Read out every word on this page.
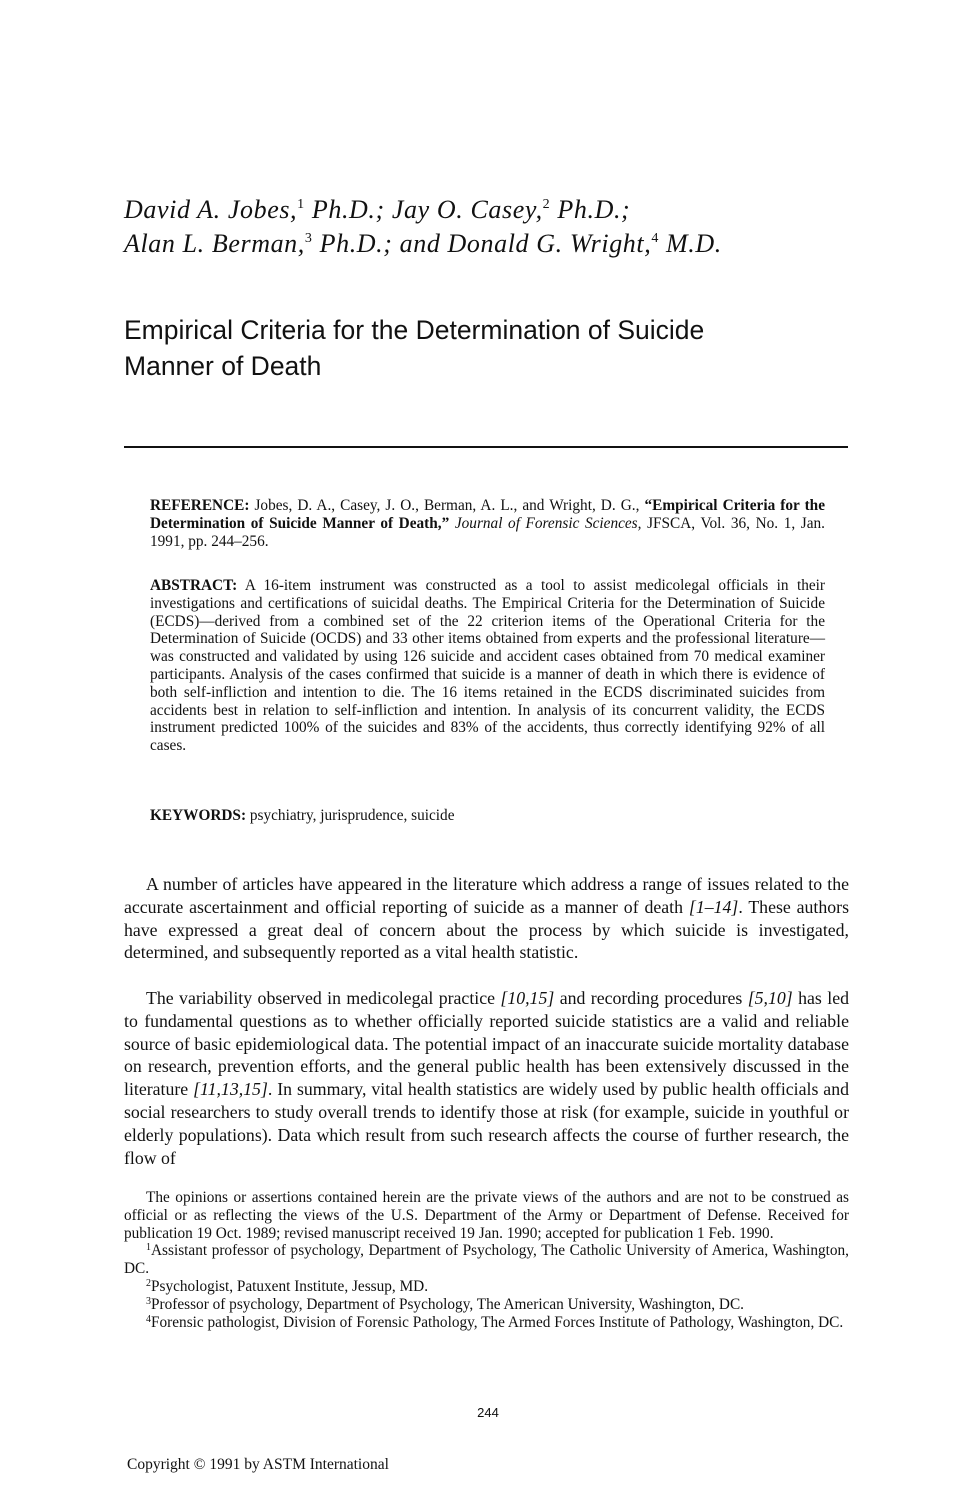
David A. Jobes,$^1$ Ph.D.; Jay O. Casey,$^2$ Ph.D.;
Alan L. Berman,$^3$ Ph.D.; and Donald G. Wright,$^4$ M.D.
Empirical Criteria for the Determination of Suicide
Manner of Death

REFERENCE: Jobes, D. A., Casey, J. O., Berman, A. L., and Wright, D. G., “Empirical Criteria for the Determination of Suicide Manner of Death,” Journal of Forensic Sciences, JFSCA, Vol. 36, No. 1, Jan. 1991, pp. 244–256.

ABSTRACT: A 16-item instrument was constructed as a tool to assist medicolegal officials in their investigations and certifications of suicidal deaths. The Empirical Criteria for the Determination of Suicide (ECDS)—derived from a combined set of the 22 criterion items of the Operational Criteria for the Determination of Suicide (OCDS) and 33 other items obtained from experts and the professional literature—was constructed and validated by using 126 suicide and accident cases obtained from 70 medical examiner participants. Analysis of the cases confirmed that suicide is a manner of death in which there is evidence of both self-infliction and intention to die. The 16 items retained in the ECDS discriminated suicides from accidents best in relation to self-infliction and intention. In analysis of its concurrent validity, the ECDS instrument predicted 100% of the suicides and 83% of the accidents, thus correctly identifying 92% of all cases.

KEYWORDS: psychiatry, jurisprudence, suicide

A number of articles have appeared in the literature which address a range of issues related to the accurate ascertainment and official reporting of suicide as a manner of death [1–14]. These authors have expressed a great deal of concern about the process by which suicide is investigated, determined, and subsequently reported as a vital health statistic.

The variability observed in medicolegal practice [10,15] and recording procedures [5,10] has led to fundamental questions as to whether officially reported suicide statistics are a valid and reliable source of basic epidemiological data. The potential impact of an inaccurate suicide mortality database on research, prevention efforts, and the general public health has been extensively discussed in the literature [11,13,15]. In summary, vital health statistics are widely used by public health officials and social researchers to study overall trends to identify those at risk (for example, suicide in youthful or elderly populations). Data which result from such research affects the course of further research, the flow of

The opinions or assertions contained herein are the private views of the authors and are not to be construed as official or as reflecting the views of the U.S. Department of the Army or Department of Defense. Received for publication 19 Oct. 1989; revised manuscript received 19 Jan. 1990; accepted for publication 1 Feb. 1990.

$^1$Assistant professor of psychology, Department of Psychology, The Catholic University of America, Washington, DC.

$^2$Psychologist, Patuxent Institute, Jessup, MD.

$^3$Professor of psychology, Department of Psychology, The American University, Washington, DC.

$^4$Forensic pathologist, Division of Forensic Pathology, The Armed Forces Institute of Pathology, Washington, DC.

244
Copyright © 1991 by ASTM International
